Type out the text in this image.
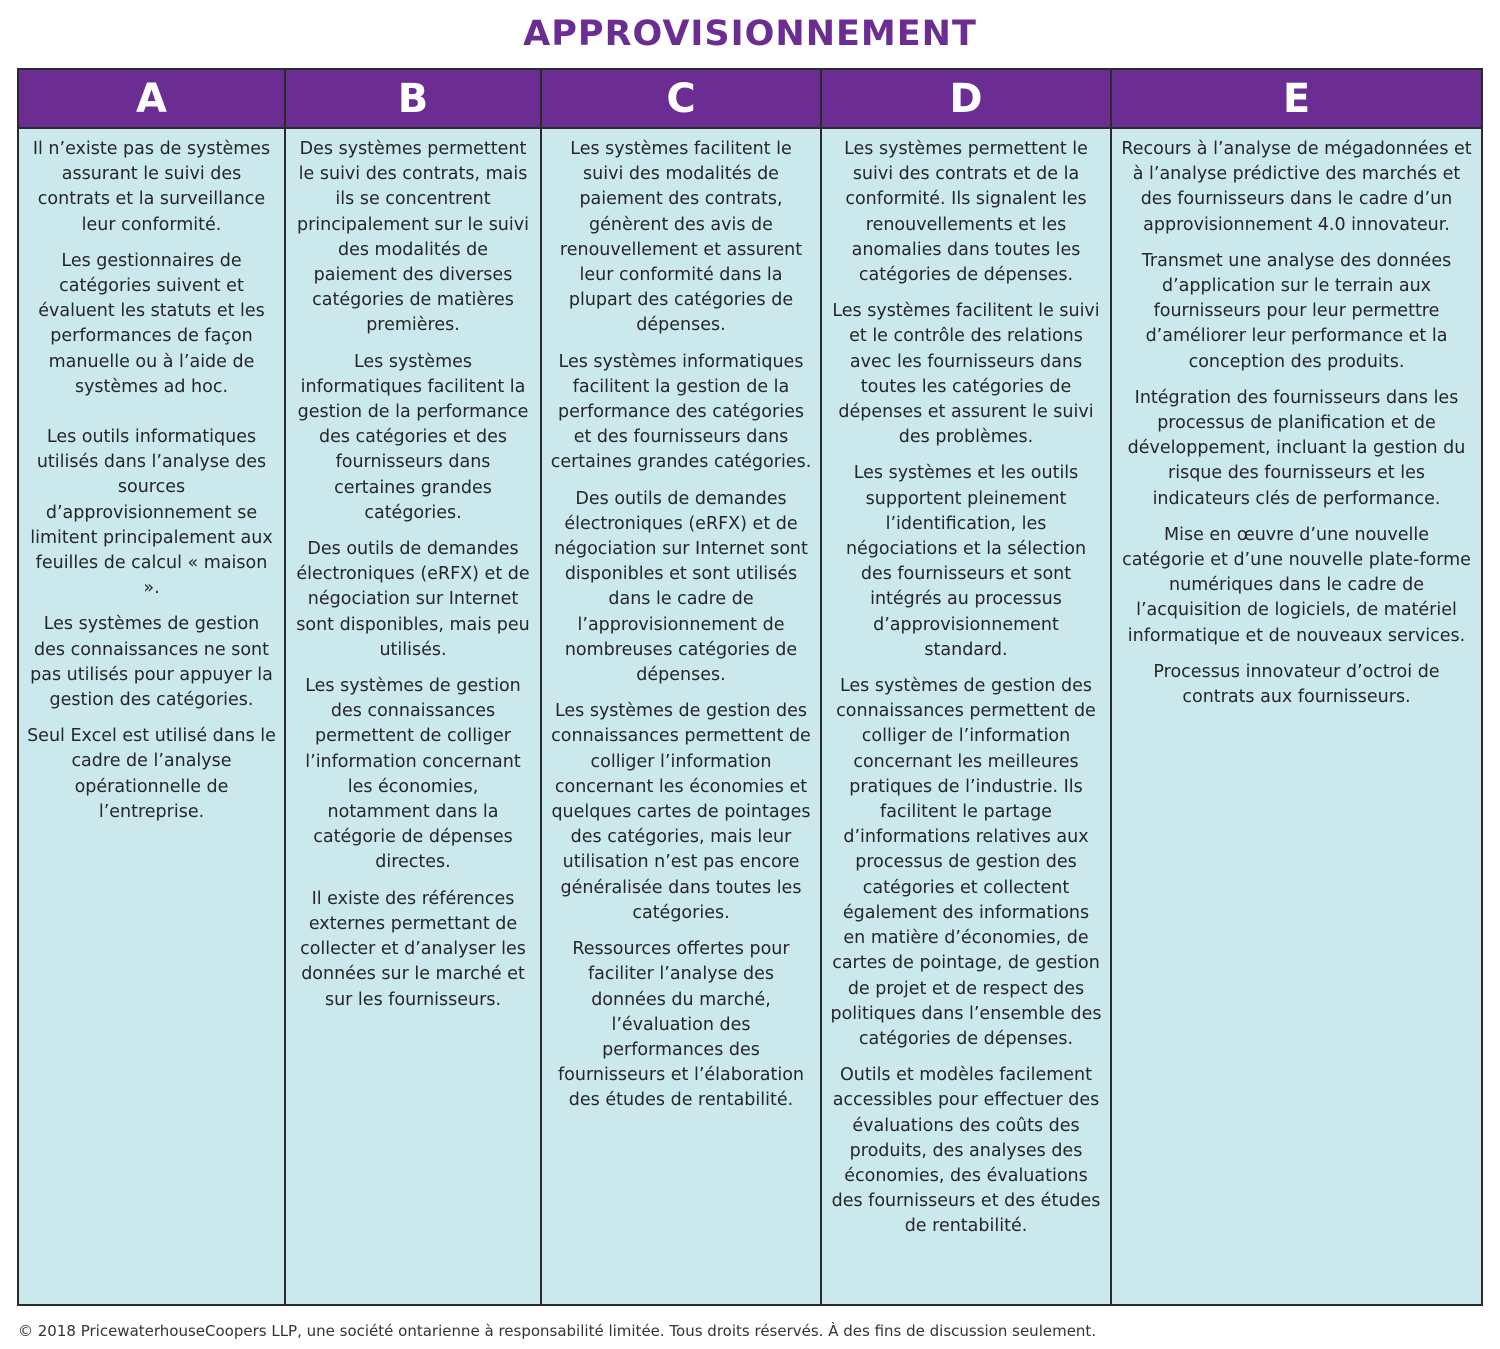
APPROVISIONNEMENT
A

Il n’existe pas de systèmes assurant le suivi des contrats et la surveillance leur conformité.

Les gestionnaires de catégories suivent et évaluent les statuts et les performances de façon manuelle ou à l’aide de systèmes ad hoc.

Les outils informatiques utilisés dans l’analyse des sources d’approvisionnement se limitent principalement aux feuilles de calcul « maison ».

Les systèmes de gestion des connaissances ne sont pas utilisés pour appuyer la gestion des catégories.

Seul Excel est utilisé dans le cadre de l’analyse opérationnelle de l’entreprise.

B

Des systèmes permettent le suivi des contrats, mais ils se concentrent principalement sur le suivi des modalités de paiement des diverses catégories de matières premières.

Les systèmes informatiques facilitent la gestion de la performance des catégories et des fournisseurs dans certaines grandes catégories.

Des outils de demandes électroniques (eRFX) et de négociation sur Internet sont disponibles, mais peu utilisés.

Les systèmes de gestion des connaissances permettent de colliger l’information concernant les économies, notamment dans la catégorie de dépenses directes.

Il existe des références externes permettant de collecter et d’analyser les données sur le marché et sur les fournisseurs.

C

Les systèmes facilitent le suivi des modalités de paiement des contrats, génèrent des avis de renouvellement et assurent leur conformité dans la plupart des catégories de dépenses.

Les systèmes informatiques facilitent la gestion de la performance des catégories et des fournisseurs dans certaines grandes catégories.

Des outils de demandes électroniques (eRFX) et de négociation sur Internet sont disponibles et sont utilisés dans le cadre de l’approvisionnement de nombreuses catégories de dépenses.

Les systèmes de gestion des connaissances permettent de colliger l’information concernant les économies et quelques cartes de pointages des catégories, mais leur utilisation n’est pas encore généralisée dans toutes les catégories.

Ressources offertes pour faciliter l’analyse des données du marché, l’évaluation des performances des fournisseurs et l’élaboration des études de rentabilité.

D

Les systèmes permettent le suivi des contrats et de la conformité. Ils signalent les renouvellements et les anomalies dans toutes les catégories de dépenses.

Les systèmes facilitent le suivi et le contrôle des relations avec les fournisseurs dans toutes les catégories de dépenses et assurent le suivi des problèmes.

Les systèmes et les outils supportent pleinement l’identification, les négociations et la sélection des fournisseurs et sont intégrés au processus d’approvisionnement standard.

Les systèmes de gestion des connaissances permettent de colliger de l’information concernant les meilleures pratiques de l’industrie. Ils facilitent le partage d’informations relatives aux processus de gestion des catégories et collectent également des informations en matière d’économies, de cartes de pointage, de gestion de projet et de respect des politiques dans l’ensemble des catégories de dépenses.

Outils et modèles facilement accessibles pour effectuer des évaluations des coûts des produits, des analyses des économies, des évaluations des fournisseurs et des études de rentabilité.

E

Recours à l’analyse de mégadonnées et à l’analyse prédictive des marchés et des fournisseurs dans le cadre d’un approvisionnement 4.0 innovateur.

Transmet une analyse des données d’application sur le terrain aux fournisseurs pour leur permettre d’améliorer leur performance et la conception des produits.

Intégration des fournisseurs dans les processus de planification et de développement, incluant la gestion du risque des fournisseurs et les indicateurs clés de performance.

Mise en œuvre d’une nouvelle catégorie et d’une nouvelle plate-forme numériques dans le cadre de l’acquisition de logiciels, de matériel informatique et de nouveaux services.

Processus innovateur d’octroi de contrats aux fournisseurs.

© 2018 PricewaterhouseCoopers LLP, une société ontarienne à responsabilité limitée. Tous droits réservés. À des fins de discussion seulement.
